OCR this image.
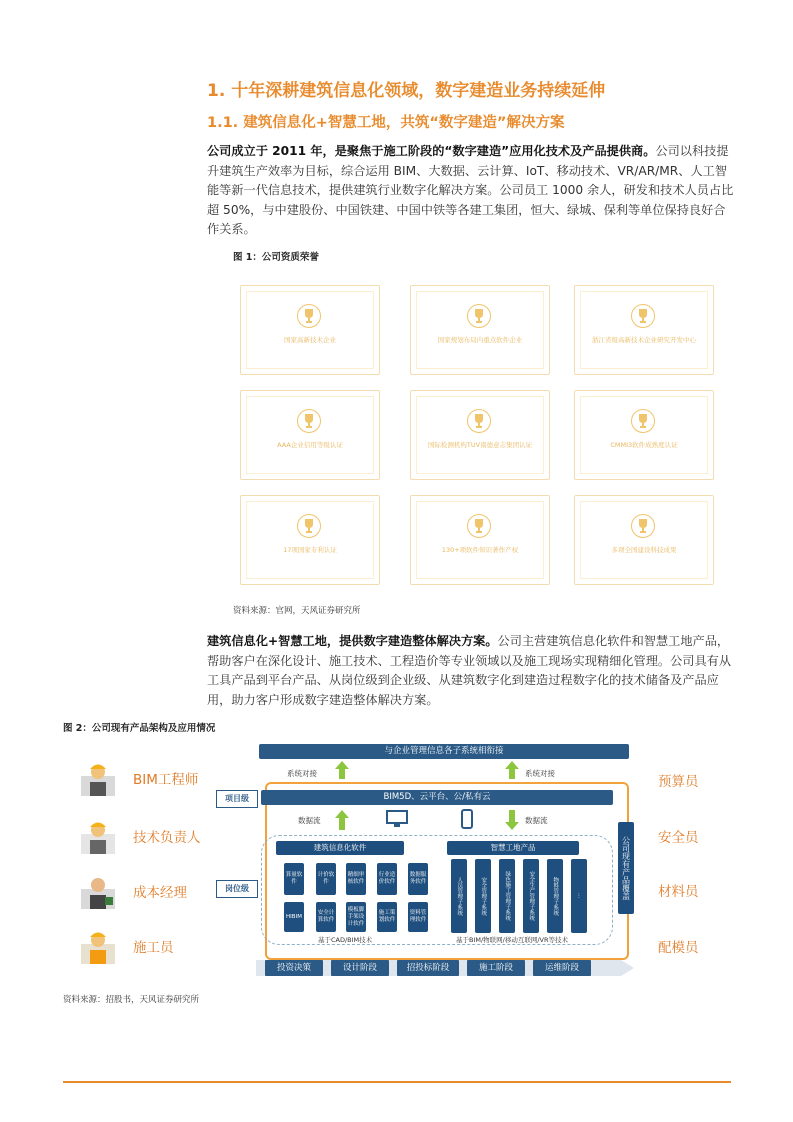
1. 十年深耕建筑信息化领域，数字建造业务持续延伸
1.1. 建筑信息化+智慧工地，共筑“数字建造”解决方案
公司成立于 2011 年，是聚焦于施工阶段的“数字建造”应用化技术及产品提供商。公司以科技提升建筑生产效率为目标，综合运用 BIM、大数据、云计算、IoT、移动技术、VR/AR/MR、人工智能等新一代信息技术，提供建筑行业数字化解决方案。公司员工 1000 余人，研发和技术人员占比超 50%，与中建股份、中国铁建、中国中铁等各建工集团，恒大、绿城、保利等单位保持良好合作关系。
图 1：公司资质荣誉
国家高新技术企业	国家规划布局内重点软件企业	浙江省级高新技术企业研究开发中心
AAA企业信用等级认证	国际检测机构TUV南德意志集团认证	CMMI3软件成熟度认证
17项国家专利认证	130+项软件知识著作产权	多项全国建设科技成果
资料来源：官网，天风证券研究所
建筑信息化+智慧工地，提供数字建造整体解决方案。公司主营建筑信息化软件和智慧工地产品，帮助客户在深化设计、施工技术、工程造价等专业领域以及施工现场实现精细化管理。公司具有从工具产品到平台产品、从岗位级到企业级、从建筑数字化到建造过程数字化的技术储备及产品应用，助力客户形成数字建造整体解决方案。
图 2：公司现有产品架构及应用情况
BIM工程师
技术负责人
成本经理
施工员
预算员
安全员
材料员
配模员
与企业管理信息各子系统相衔接
系统对接	系统对接
项目级	BIM5D、云平台、公/私有云
数据流	数据流
岗位级
建筑信息化软件	智慧工地产品
算量软件
计价软件
精细审核软件
行业造价软件
数据服务软件
HIBIM
安全计算软件
模板脚手架设计软件
施工策划软件
资料管理软件
人员管理子系统	安全管理子系统	绿色施工管理子系统	安全生产管理子系统	物料管理子系统	...
基于CAD/BIM技术	基于BIM/物联网/移动互联网/VR等技术
公司现有产品覆盖
投资决策	设计阶段	招投标阶段	施工阶段	运维阶段
资料来源：招股书，天风证券研究所
